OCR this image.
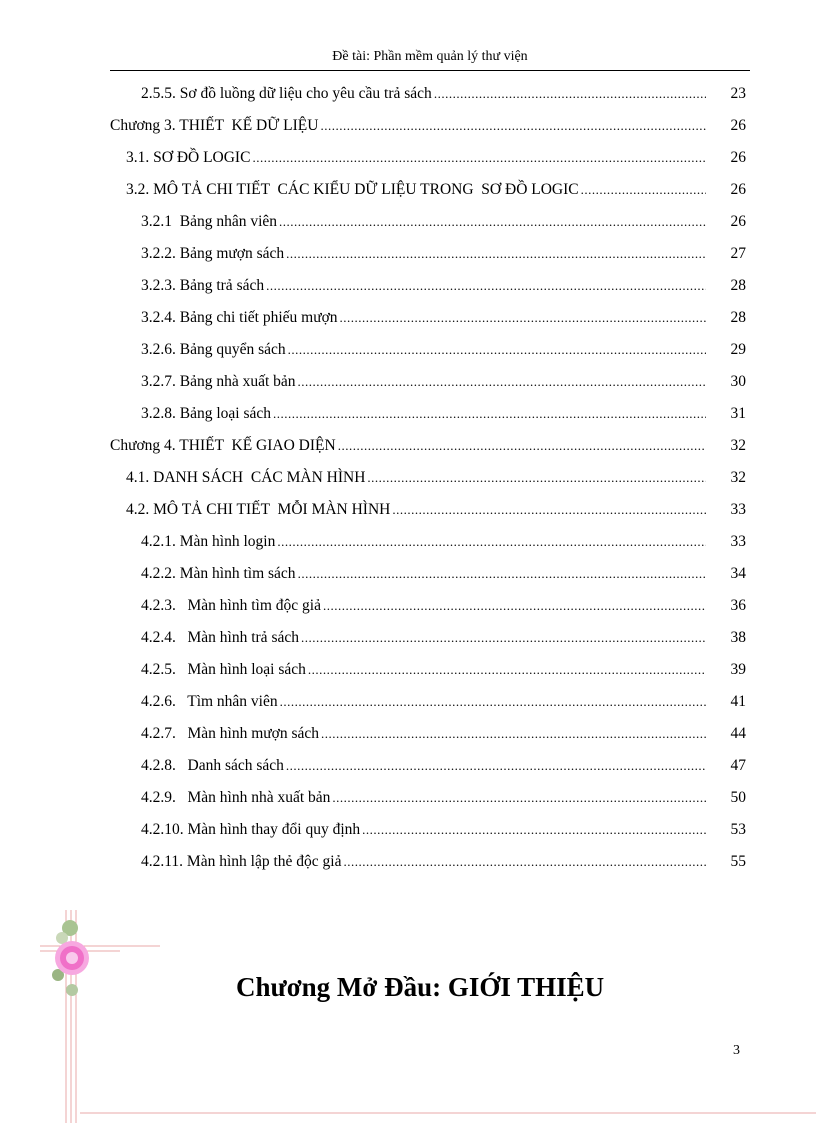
Đề tài: Phần mềm quản lý thư viện
2.5.5. Sơ đồ luồng dữ liệu cho yêu cầu trả sách .....	23
Chương 3. THIẾT  KẾ DỮ LIỆU .....	26
3.1. SƠ ĐỒ LOGIC .....	26
3.2. MÔ TẢ CHI TIẾT  CÁC KIỂU DỮ LIỆU TRONG  SƠ ĐỒ LOGIC .....	26
3.2.1  Bảng nhân viên .....	26
3.2.2. Bảng mượn sách .....	27
3.2.3. Bảng trả sách .....	28
3.2.4. Bảng chi tiết phiếu mượn .....	28
3.2.6. Bảng quyển sách .....	29
3.2.7. Bảng nhà xuất bản .....	30
3.2.8. Bảng loại sách .....	31
Chương 4. THIẾT  KẾ GIAO DIỆN .....	32
4.1. DANH SÁCH  CÁC MÀN HÌNH .....	32
4.2. MÔ TẢ CHI TIẾT  MỖI MÀN HÌNH .....	33
4.2.1. Màn hình login .....	33
4.2.2. Màn hình tìm sách .....	34
4.2.3.   Màn hình tìm độc giả .....	36
4.2.4.   Màn hình trả sách .....	38
4.2.5.   Màn hình loại sách .....	39
4.2.6.   Tìm nhân viên .....	41
4.2.7.   Màn hình mượn sách .....	44
4.2.8.   Danh sách sách .....	47
4.2.9.   Màn hình nhà xuất bản .....	50
4.2.10. Màn hình thay đổi quy định .....	53
4.2.11. Màn hình lập thẻ độc giả .....	55
Chương Mở Đầu: GIỚI THIỆU
3
